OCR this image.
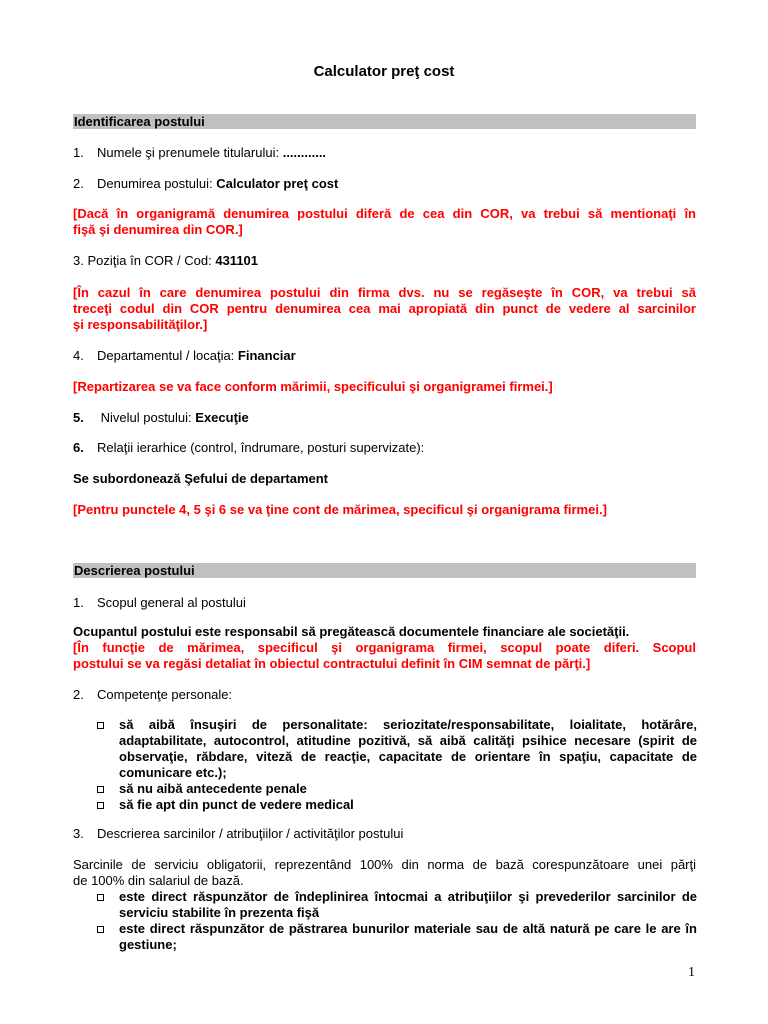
Calculator preţ cost
Identificarea postului
1. Numele şi prenumele titularului: ............
2. Denumirea postului: Calculator preţ cost
[Dacă în organigramă denumirea postului diferă de cea din COR, va trebui să mentionaţi în
fişă şi denumirea din COR.]
3. Poziţia în COR / Cod: 431101
[În cazul în care denumirea postului din firma dvs. nu se regăseşte în COR, va trebui să
treceţi codul din COR pentru denumirea cea mai apropiată din punct de vedere al sarcinilor
şi responsabilităţilor.]
4. Departamentul / locaţia: Financiar
[Repartizarea se va face conform mărimii, specificului şi organigramei firmei.]
5. Nivelul postului: Execuţie
6. Relaţii ierarhice (control, îndrumare, posturi supervizate):
Se subordonează Şefului de departament
[Pentru punctele 4, 5 şi 6 se va ţine cont de mărimea, specificul şi organigrama firmei.]
Descrierea postului
1. Scopul general al postului
Ocupantul postului este responsabil să pregătească documentele financiare ale societăţii.
[În funcţie de mărimea, specificul şi organigrama firmei, scopul poate diferi. Scopul
postului se va regăsi detaliat în obiectul contractului definit în CIM semnat de părţi.]
2. Competenţe personale:
să aibă însuşiri de personalitate: seriozitate/responsabilitate, loialitate, hotărâre, adaptabilitate, autocontrol, atitudine pozitivă, să aibă calităţi psihice necesare (spirit de observaţie, răbdare, viteză de reacţie, capacitate de orientare în spaţiu, capacitate de comunicare etc.);
să nu aibă antecedente penale
să fie apt din punct de vedere medical
3. Descrierea sarcinilor / atribuţiilor / activităţilor postului
Sarcinile de serviciu obligatorii, reprezentând 100% din norma de bază corespunzătoare unei părţi
de 100% din salariul de bază.
este direct răspunzător de îndeplinirea întocmai a atribuţiilor şi prevederilor sarcinilor de serviciu stabilite în prezenta fişă
este direct răspunzător de păstrarea bunurilor materiale sau de altă natură pe care le are în gestiune;
1
